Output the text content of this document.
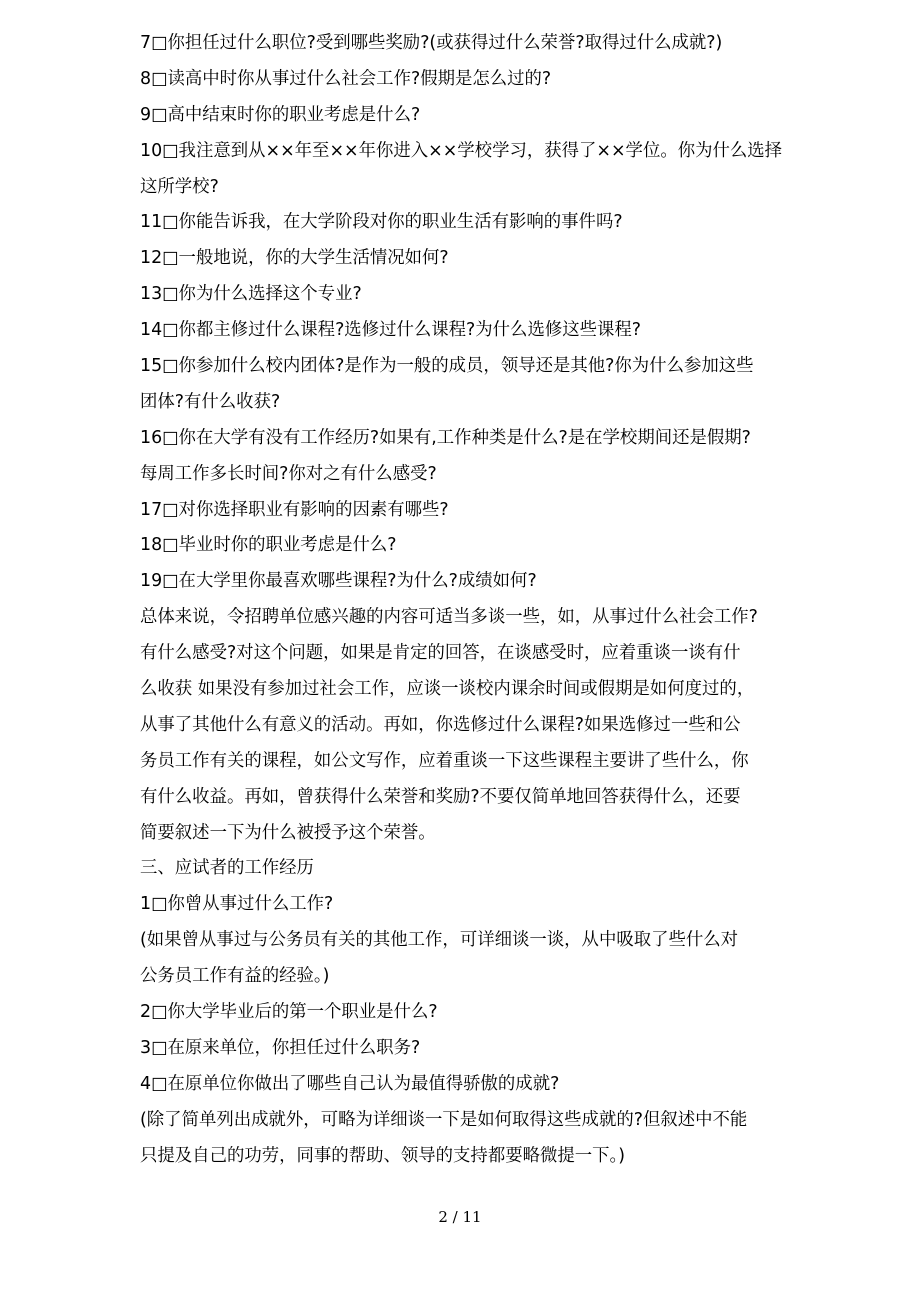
7□你担任过什么职位?受到哪些奖励?(或获得过什么荣誉?取得过什么成就?)
8□读高中时你从事过什么社会工作?假期是怎么过的?
9□高中结束时你的职业考虑是什么?
10□我注意到从××年至××年你进入××学校学习，获得了××学位。你为什么选择
这所学校?
11□你能告诉我，在大学阶段对你的职业生活有影响的事件吗?
12□一般地说，你的大学生活情况如何?
13□你为什么选择这个专业?
14□你都主修过什么课程?选修过什么课程?为什么选修这些课程?
15□你参加什么校内团体?是作为一般的成员，领导还是其他?你为什么参加这些
团体?有什么收获?
16□你在大学有没有工作经历?如果有,工作种类是什么?是在学校期间还是假期?
每周工作多长时间?你对之有什么感受?
17□对你选择职业有影响的因素有哪些?
18□毕业时你的职业考虑是什么?
19□在大学里你最喜欢哪些课程?为什么?成绩如何?
总体来说，令招聘单位感兴趣的内容可适当多谈一些，如，从事过什么社会工作?
有什么感受?对这个问题，如果是肯定的回答，在谈感受时，应着重谈一谈有什
么收获 如果没有参加过社会工作，应谈一谈校内课余时间或假期是如何度过的，
从事了其他什么有意义的活动。再如，你选修过什么课程?如果选修过一些和公
务员工作有关的课程，如公文写作，应着重谈一下这些课程主要讲了些什么，你
有什么收益。再如，曾获得什么荣誉和奖励?不要仅简单地回答获得什么，还要
简要叙述一下为什么被授予这个荣誉。
三、应试者的工作经历
1□你曾从事过什么工作?
(如果曾从事过与公务员有关的其他工作，可详细谈一谈，从中吸取了些什么对
公务员工作有益的经验。)
2□你大学毕业后的第一个职业是什么?
3□在原来单位，你担任过什么职务?
4□在原单位你做出了哪些自己认为最值得骄傲的成就?
(除了简单列出成就外，可略为详细谈一下是如何取得这些成就的?但叙述中不能
只提及自己的功劳，同事的帮助、领导的支持都要略微提一下。)
2 / 11
